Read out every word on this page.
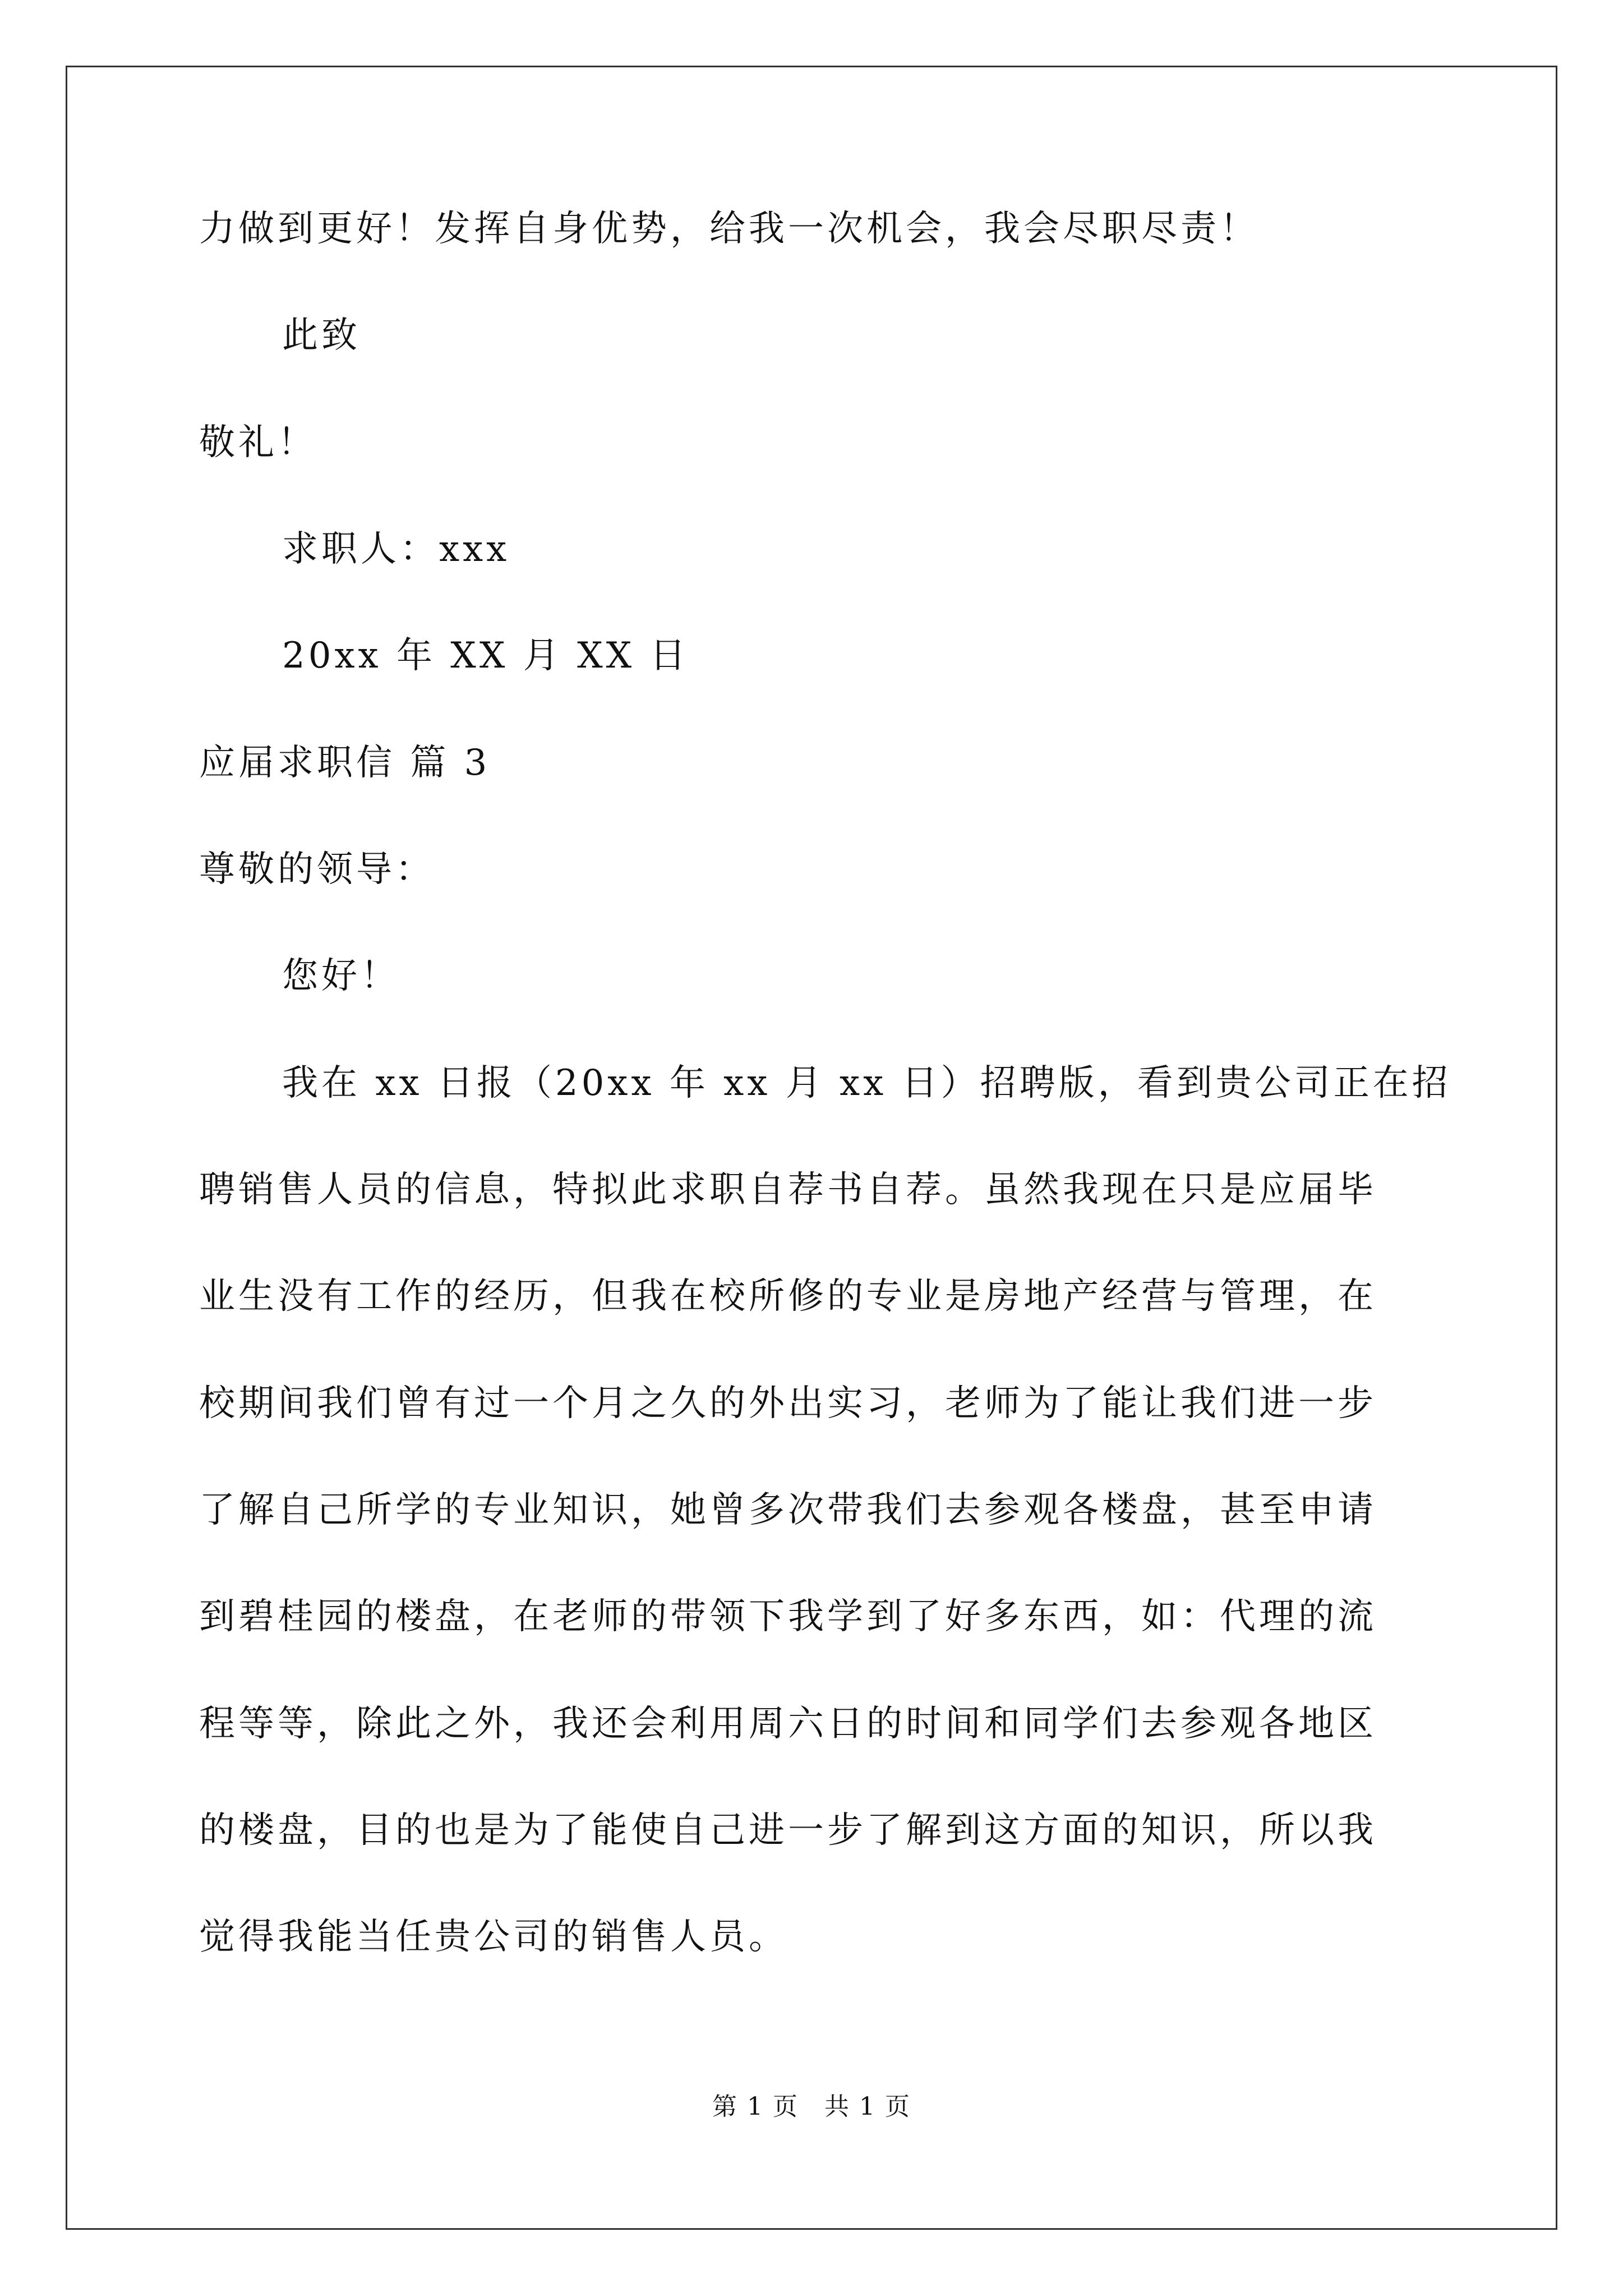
力做到更好！发挥自身优势，给我一次机会，我会尽职尽责！
此致
敬礼！
求职人：xxx
20xx 年 XX 月 XX 日
应届求职信 篇 3
尊敬的领导：
您好！
我在 xx 日报（20xx 年 xx 月 xx 日）招聘版，看到贵公司正在招
聘销售人员的信息，特拟此求职自荐书自荐。虽然我现在只是应届毕
业生没有工作的经历，但我在校所修的专业是房地产经营与管理，在
校期间我们曾有过一个月之久的外出实习，老师为了能让我们进一步
了解自己所学的专业知识，她曾多次带我们去参观各楼盘，甚至申请
到碧桂园的楼盘，在老师的带领下我学到了好多东西，如：代理的流
程等等，除此之外，我还会利用周六日的时间和同学们去参观各地区
的楼盘，目的也是为了能使自己进一步了解到这方面的知识，所以我
觉得我能当任贵公司的销售人员。
第 1 页　共 1 页
